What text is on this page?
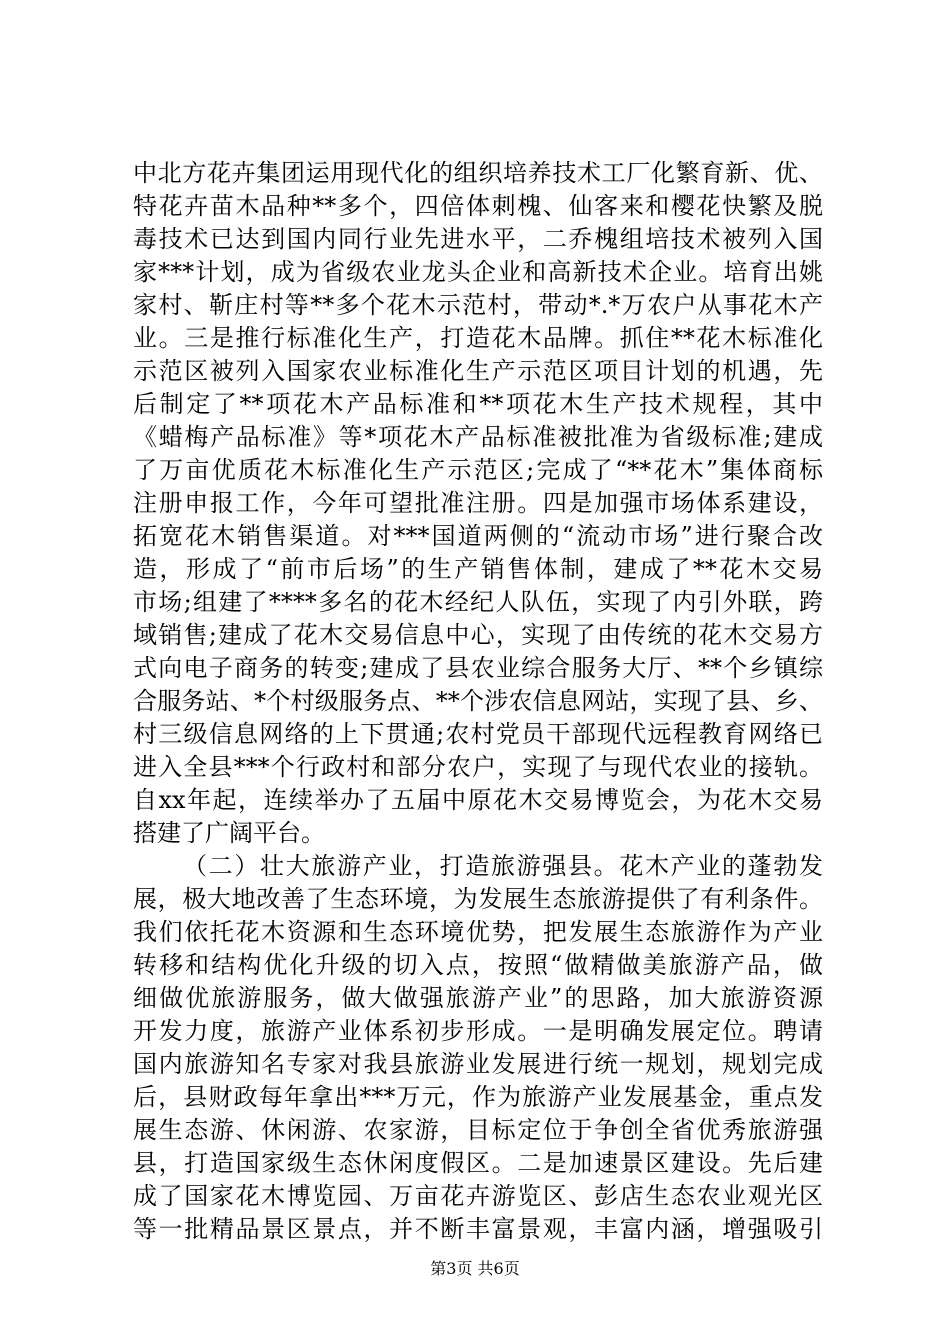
中北方花卉集团运用现代化的组织培养技术工厂化繁育新、优、
特花卉苗木品种**多个，四倍体刺槐、仙客来和樱花快繁及脱
毒技术已达到国内同行业先进水平，二乔槐组培技术被列入国
家***计划，成为省级农业龙头企业和高新技术企业。培育出姚
家村、靳庄村等**多个花木示范村，带动*.*万农户从事花木产
业。三是推行标准化生产，打造花木品牌。抓住**花木标准化
示范区被列入国家农业标准化生产示范区项目计划的机遇，先
后制定了**项花木产品标准和**项花木生产技术规程，其中
《蜡梅产品标准》等*项花木产品标准被批准为省级标准;建成
了万亩优质花木标准化生产示范区;完成了“**花木”集体商标
注册申报工作，今年可望批准注册。四是加强市场体系建设，
拓宽花木销售渠道。对***国道两侧的“流动市场”进行聚合改
造，形成了“前市后场”的生产销售体制，建成了**花木交易
市场;组建了****多名的花木经纪人队伍，实现了内引外联，跨
域销售;建成了花木交易信息中心，实现了由传统的花木交易方
式向电子商务的转变;建成了县农业综合服务大厅、**个乡镇综
合服务站、*个村级服务点、**个涉农信息网站，实现了县、乡、
村三级信息网络的上下贯通;农村党员干部现代远程教育网络已
进入全县***个行政村和部分农户，实现了与现代农业的接轨。
自xx年起，连续举办了五届中原花木交易博览会，为花木交易
搭建了广阔平台。
（二）壮大旅游产业，打造旅游强县。花木产业的蓬勃发
展，极大地改善了生态环境，为发展生态旅游提供了有利条件。
我们依托花木资源和生态环境优势，把发展生态旅游作为产业
转移和结构优化升级的切入点，按照“做精做美旅游产品，做
细做优旅游服务，做大做强旅游产业”的思路，加大旅游资源
开发力度，旅游产业体系初步形成。一是明确发展定位。聘请
国内旅游知名专家对我县旅游业发展进行统一规划，规划完成
后，县财政每年拿出***万元，作为旅游产业发展基金，重点发
展生态游、休闲游、农家游，目标定位于争创全省优秀旅游强
县，打造国家级生态休闲度假区。二是加速景区建设。先后建
成了国家花木博览园、万亩花卉游览区、彭店生态农业观光区
等一批精品景区景点，并不断丰富景观，丰富内涵，增强吸引
第3页 共6页
